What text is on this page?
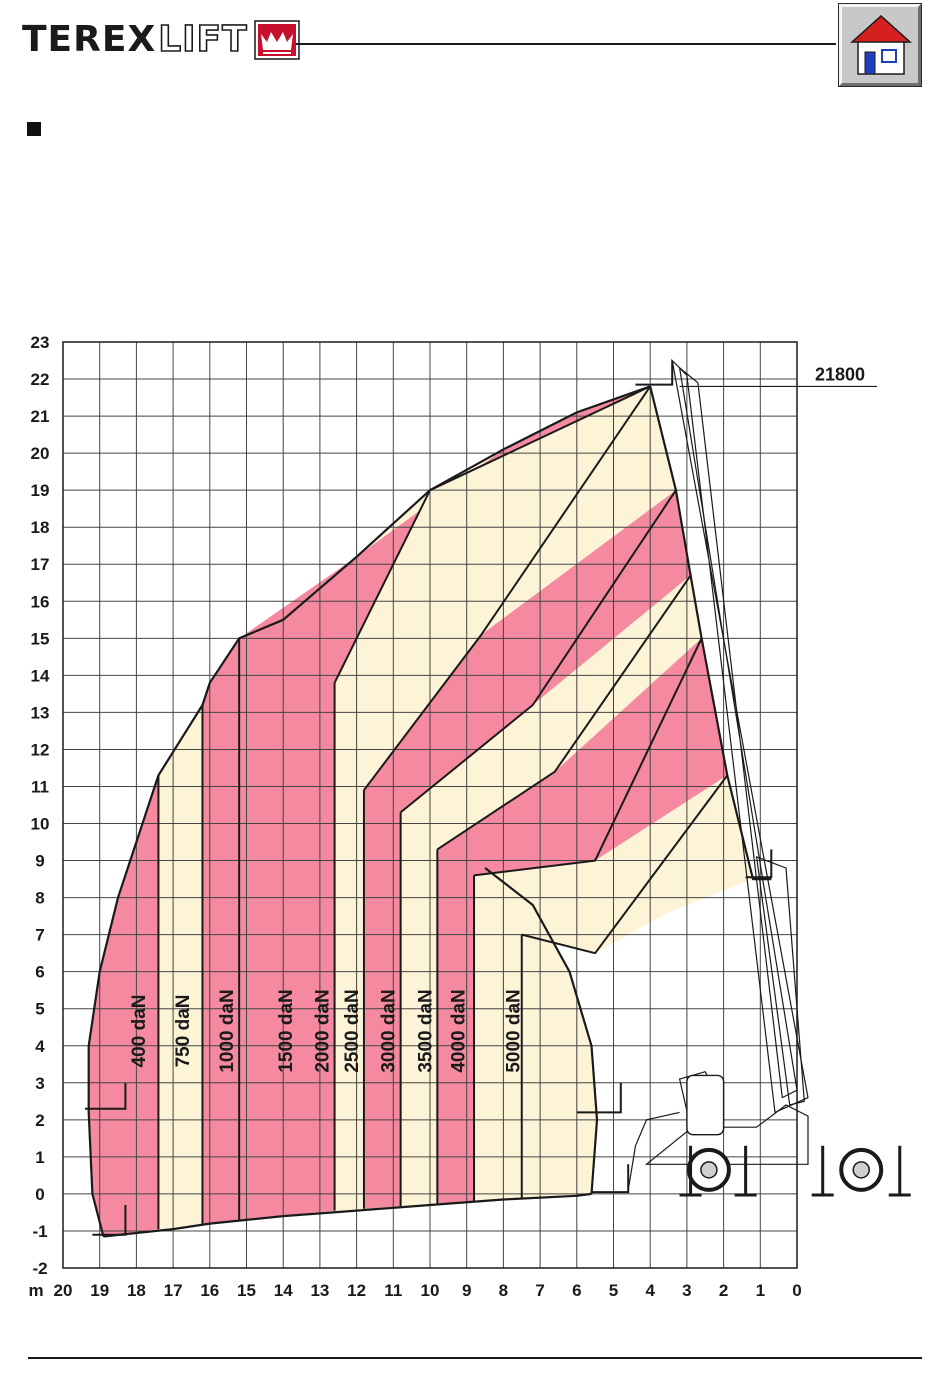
TEREX LIFT
21800
23
22
21
20
19
18
17
16
15
14
13
12
11
10
9
8
7
6
5
4
3
2
1
0
-1
-2
20 19 18 17 16 15 14 13 12 11 10 9 8 7 6 5 4 3 2 1 0
m
400 daN 750 daN 1000 daN 1500 daN 2000 daN 2500 daN 3000 daN 3500 daN 4000 daN 5000 daN
